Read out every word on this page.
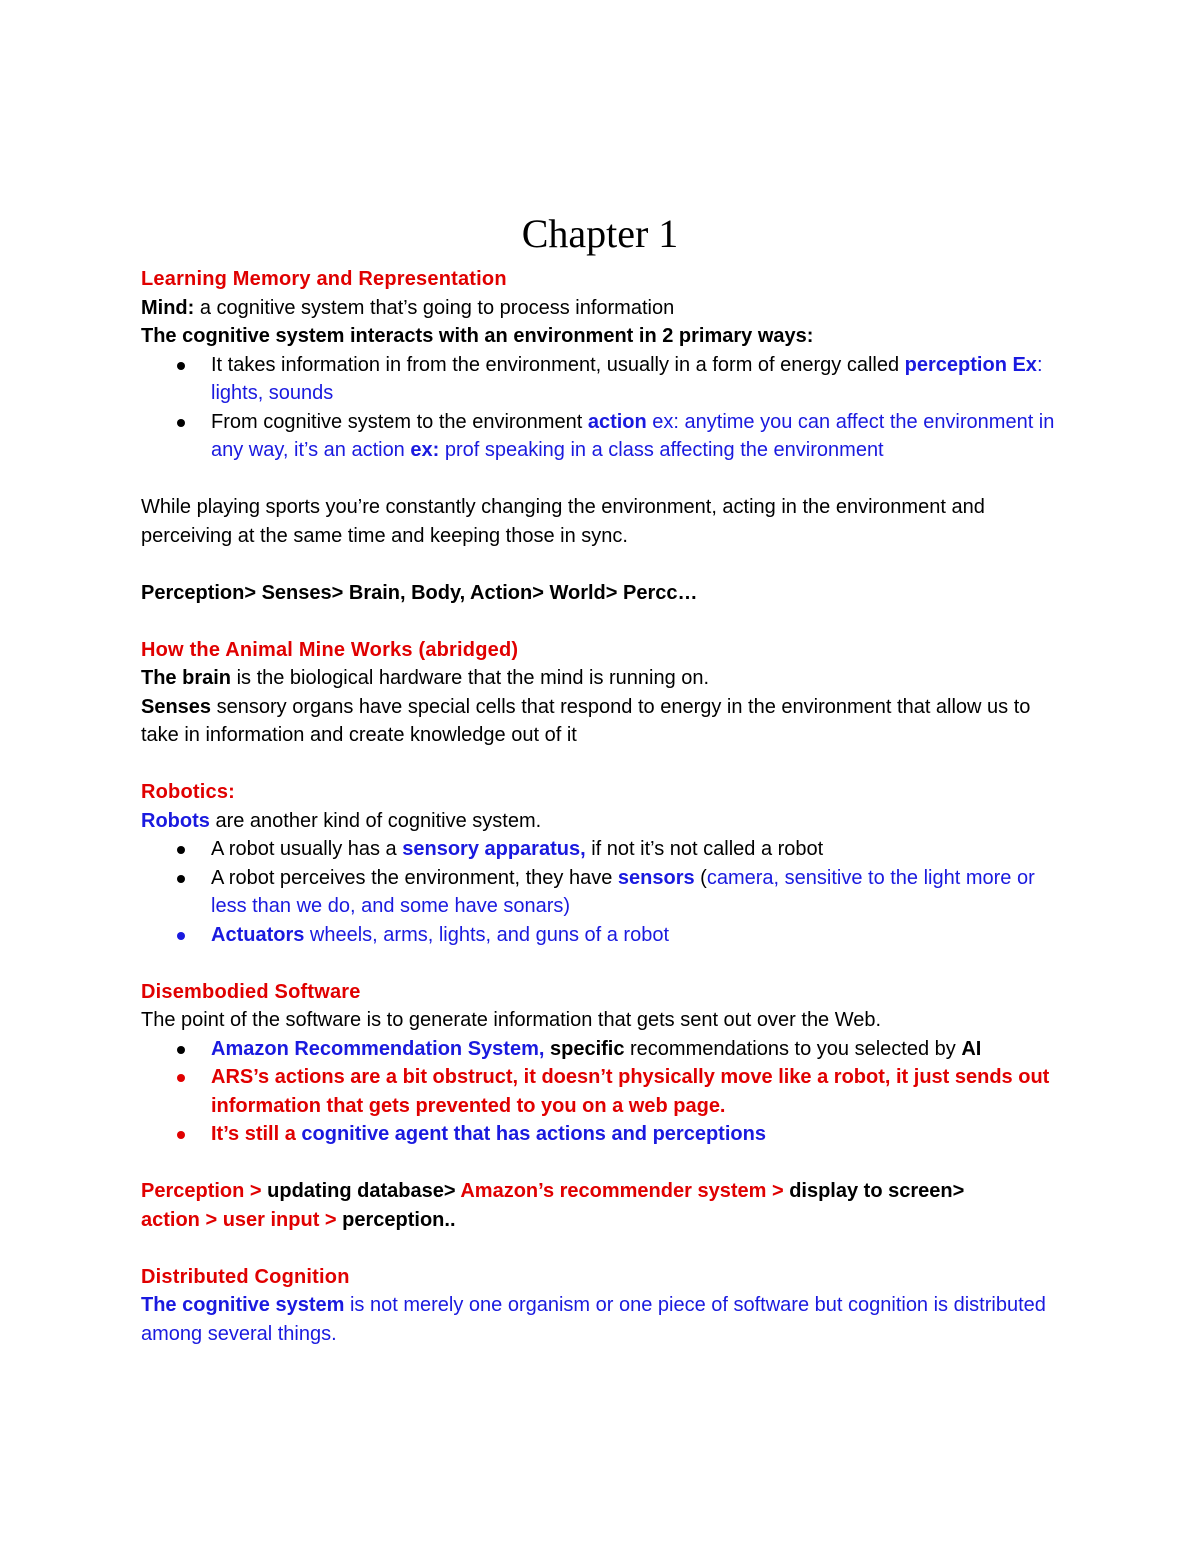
Chapter 1

Learning Memory and Representation

Mind: a cognitive system that’s going to process information

The cognitive system interacts with an environment in 2 primary ways:

It takes information in from the environment, usually in a form of energy called perception Ex: lights, sounds
From cognitive system to the environment action ex: anytime you can affect the environment in any way, it’s an action ex: prof speaking in a class affecting the environment

While playing sports you’re constantly changing the environment, acting in the environment and perceiving at the same time and keeping those in sync.

Perception> Senses> Brain, Body, Action> World> Percc…

How the Animal Mine Works (abridged)

The brain is the biological hardware that the mind is running on.

Senses sensory organs have special cells that respond to energy in the environment that allow us to take in information and create knowledge out of it

Robotics:

Robots are another kind of cognitive system.

A robot usually has a sensory apparatus, if not it’s not called a robot
A robot perceives the environment, they have sensors (camera, sensitive to the light more or less than we do, and some have sonars)
Actuators wheels, arms, lights, and guns of a robot

Disembodied Software

The point of the software is to generate information that gets sent out over the Web.

Amazon Recommendation System, specific recommendations to you selected by AI
ARS’s actions are a bit obstruct, it doesn’t physically move like a robot, it just sends out information that gets prevented to you on a web page.
It’s still a cognitive agent that has actions and perceptions

Perception > updating database> Amazon’s recommender system > display to screen>
action > user input > perception..

Distributed Cognition

The cognitive system is not merely one organism or one piece of software but cognition is distributed among several things.
